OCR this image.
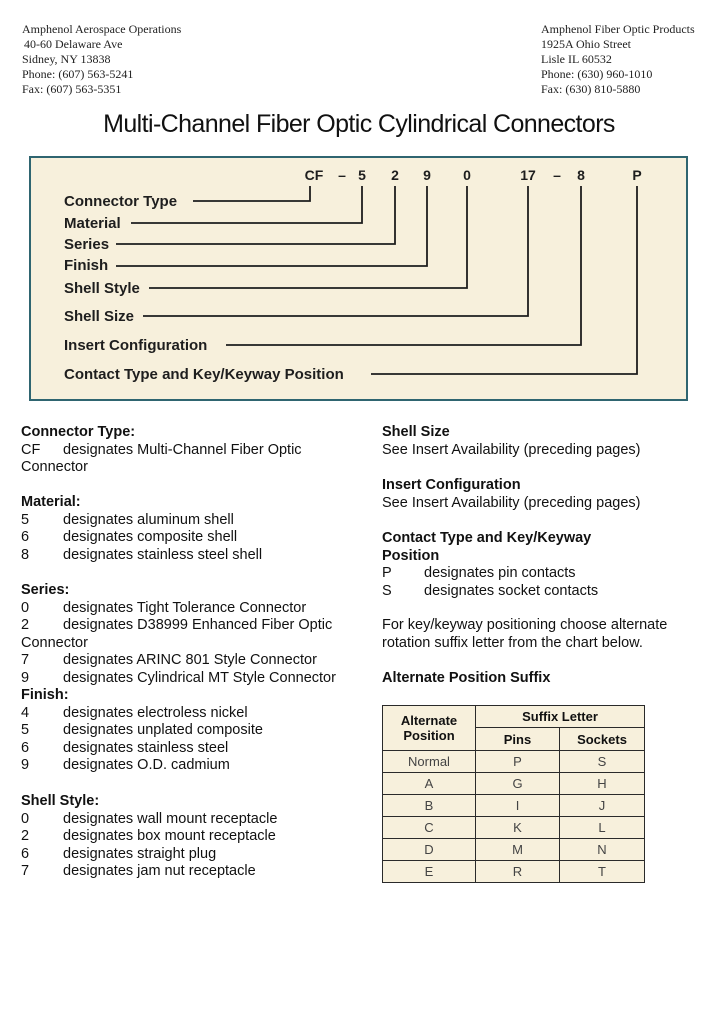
Amphenol Aerospace Operations
40-60 Delaware Ave
Sidney, NY 13838
Phone: (607) 563-5241
Fax: (607) 563-5351
Amphenol Fiber Optic Products
1925A Ohio Street
Lisle IL 60532
Phone: (630) 960-1010
Fax: (630) 810-5880
Multi-Channel Fiber Optic Cylindrical Connectors
CF – 5 2 9 0	17 – 8	P
Connector Type
Material
Series
Finish
Shell Style
Shell Size
Insert Configuration
Contact Type and Key/Keyway Position
Connector Type:
CF designates Multi-Channel Fiber Optic
Connector
Material:
5 designates aluminum shell
6 designates composite shell
8 designates stainless steel shell
Series:
0 designates Tight Tolerance Connector
2 designates D38999 Enhanced Fiber Optic
Connector
7 designates ARINC 801 Style Connector
9 designates Cylindrical MT Style Connector
Finish:
4 designates electroless nickel
5 designates unplated composite
6 designates stainless steel
9 designates O.D. cadmium
Shell Style:
0 designates wall mount receptacle
2 designates box mount receptacle
6 designates straight plug
7 designates jam nut receptacle
Shell Size
See Insert Availability (preceding pages)
Insert Configuration
See Insert Availability (preceding pages)
Contact Type and Key/Keyway
Position
P designates pin contacts
S designates socket contacts
For key/keyway positioning choose alternate
rotation suffix letter from the chart below.
Alternate Position Suffix
Alternate
Position	Suffix Letter	
	Pins	Sockets
Normal	P	S
A	G	H
B	I	J
C	K	L
D	M	N
E	R	T
